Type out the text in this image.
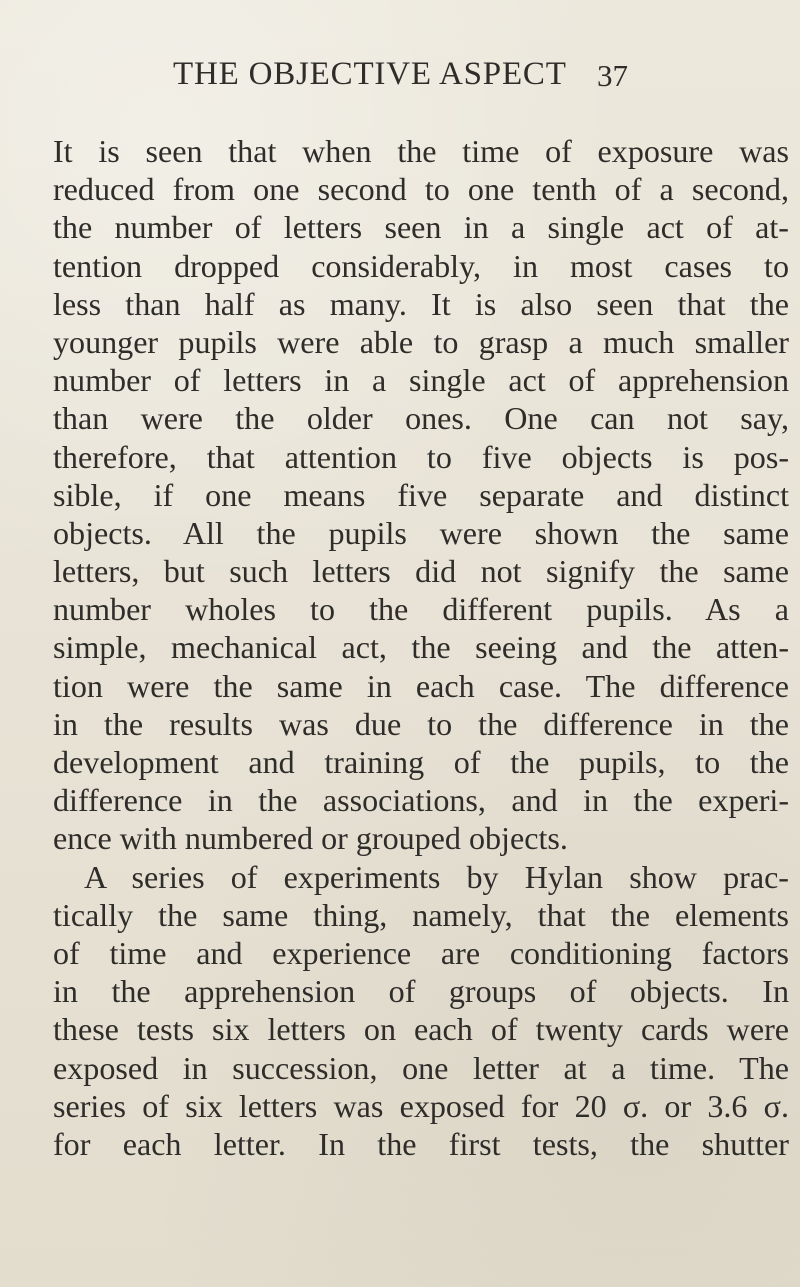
THE OBJECTIVE ASPECT 37
It is seen that when the time of exposure was
reduced from one second to one tenth of a second,
the number of letters seen in a single act of at-
tention dropped considerably, in most cases to
less than half as many. It is also seen that the
younger pupils were able to grasp a much smaller
number of letters in a single act of apprehension
than were the older ones. One can not say,
therefore, that attention to five objects is pos-
sible, if one means five separate and distinct
objects. All the pupils were shown the same
letters, but such letters did not signify the same
number wholes to the different pupils. As a
simple, mechanical act, the seeing and the atten-
tion were the same in each case. The difference
in the results was due to the difference in the
development and training of the pupils, to the
difference in the associations, and in the experi-
ence with numbered or grouped objects.
A series of experiments by Hylan show prac-
tically the same thing, namely, that the elements
of time and experience are conditioning factors
in the apprehension of groups of objects. In
these tests six letters on each of twenty cards were
exposed in succession, one letter at a time. The
series of six letters was exposed for 20 σ. or 3.6 σ.
for each letter. In the first tests, the shutter
